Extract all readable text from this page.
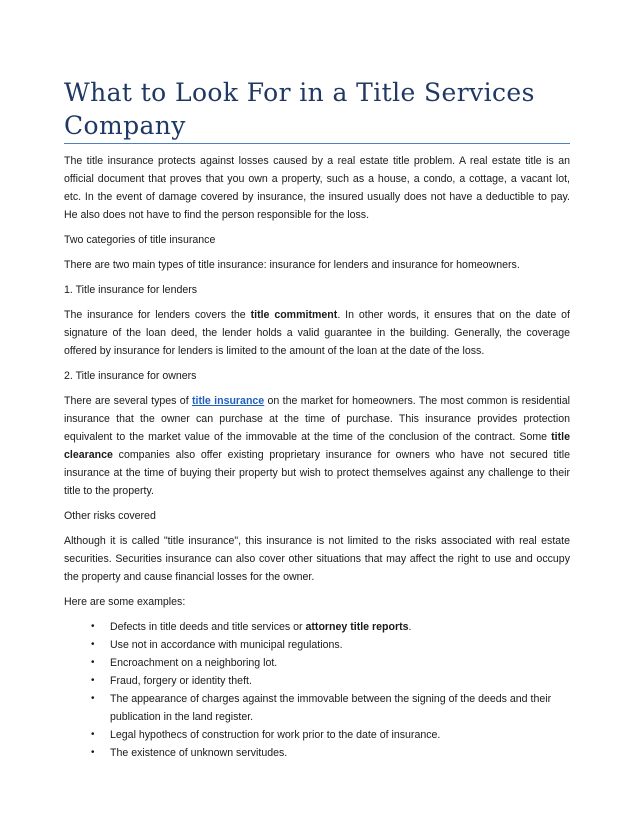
What to Look For in a Title Services Company

The title insurance protects against losses caused by a real estate title problem. A real estate title is an official document that proves that you own a property, such as a house, a condo, a cottage, a vacant lot, etc. In the event of damage covered by insurance, the insured usually does not have a deductible to pay. He also does not have to find the person responsible for the loss.

Two categories of title insurance

There are two main types of title insurance: insurance for lenders and insurance for homeowners.

1. Title insurance for lenders

The insurance for lenders covers the title commitment. In other words, it ensures that on the date of signature of the loan deed, the lender holds a valid guarantee in the building. Generally, the coverage offered by insurance for lenders is limited to the amount of the loan at the date of the loss.

2. Title insurance for owners

There are several types of title insurance on the market for homeowners. The most common is residential insurance that the owner can purchase at the time of purchase. This insurance provides protection equivalent to the market value of the immovable at the time of the conclusion of the contract. Some title clearance companies also offer existing proprietary insurance for owners who have not secured title insurance at the time of buying their property but wish to protect themselves against any challenge to their title to the property.

Other risks covered

Although it is called "title insurance", this insurance is not limited to the risks associated with real estate securities. Securities insurance can also cover other situations that may affect the right to use and occupy the property and cause financial losses for the owner.

Here are some examples:

• Defects in title deeds and title services or attorney title reports.
• Use not in accordance with municipal regulations.
• Encroachment on a neighboring lot.
• Fraud, forgery or identity theft.
• The appearance of charges against the immovable between the signing of the deeds and their publication in the land register.
• Legal hypothecs of construction for work prior to the date of insurance.
• The existence of unknown servitudes.
